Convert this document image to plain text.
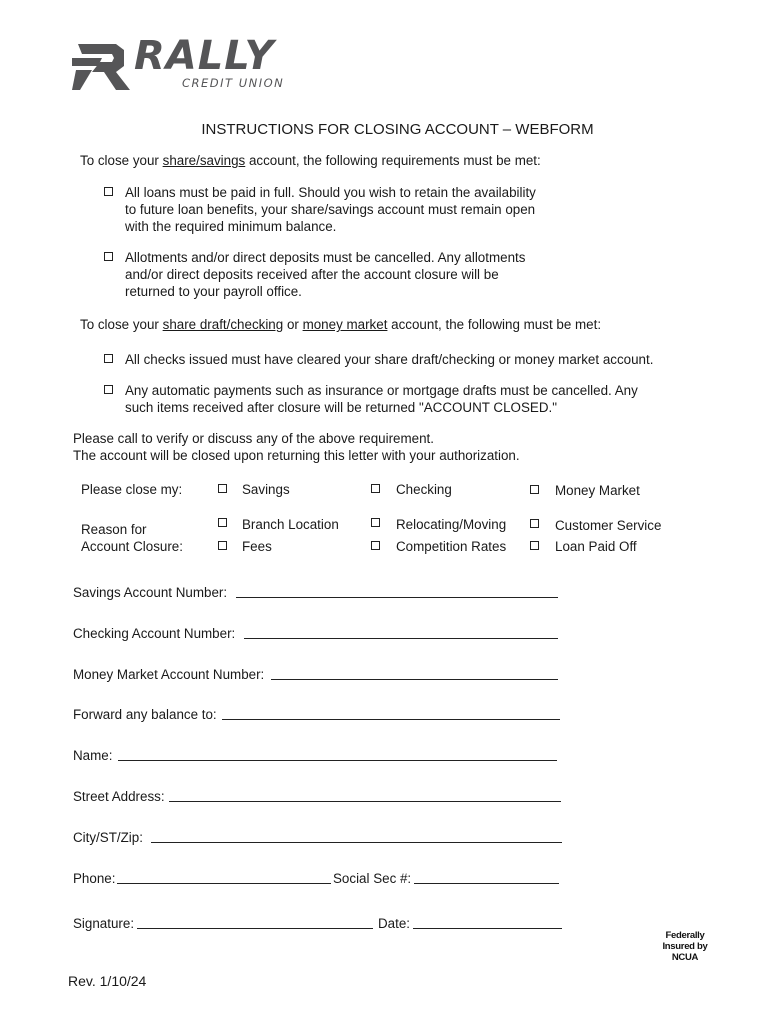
RALLY
CREDIT UNION
INSTRUCTIONS FOR CLOSING ACCOUNT – WEBFORM
To close your share/savings account, the following requirements must be met:
All loans must be paid in full. Should you wish to retain the availability
to future loan benefits, your share/savings account must remain open
with the required minimum balance.
Allotments and/or direct deposits must be cancelled. Any allotments
and/or direct deposits received after the account closure will be
returned to your payroll office.
To close your share draft/checking or money market account, the following must be met:
All checks issued must have cleared your share draft/checking or money market account.
Any automatic payments such as insurance or mortgage drafts must be cancelled. Any
such items received after closure will be returned "ACCOUNT CLOSED."
Please call to verify or discuss any of the above requirement.
The account will be closed upon returning this letter with your authorization.
Please close my:	Savings	Checking	Money Market
Reason for
Account Closure:
Branch Location	Relocating/Moving	Customer Service
Fees	Competition Rates	Loan Paid Off
Savings Account Number:
Checking Account Number:
Money Market Account Number:
Forward any balance to:
Name:
Street Address:
City/ST/Zip:
Phone:	Social Sec #:
Signature:	Date:
Federally
Insured by
NCUA
Rev. 1/10/24
